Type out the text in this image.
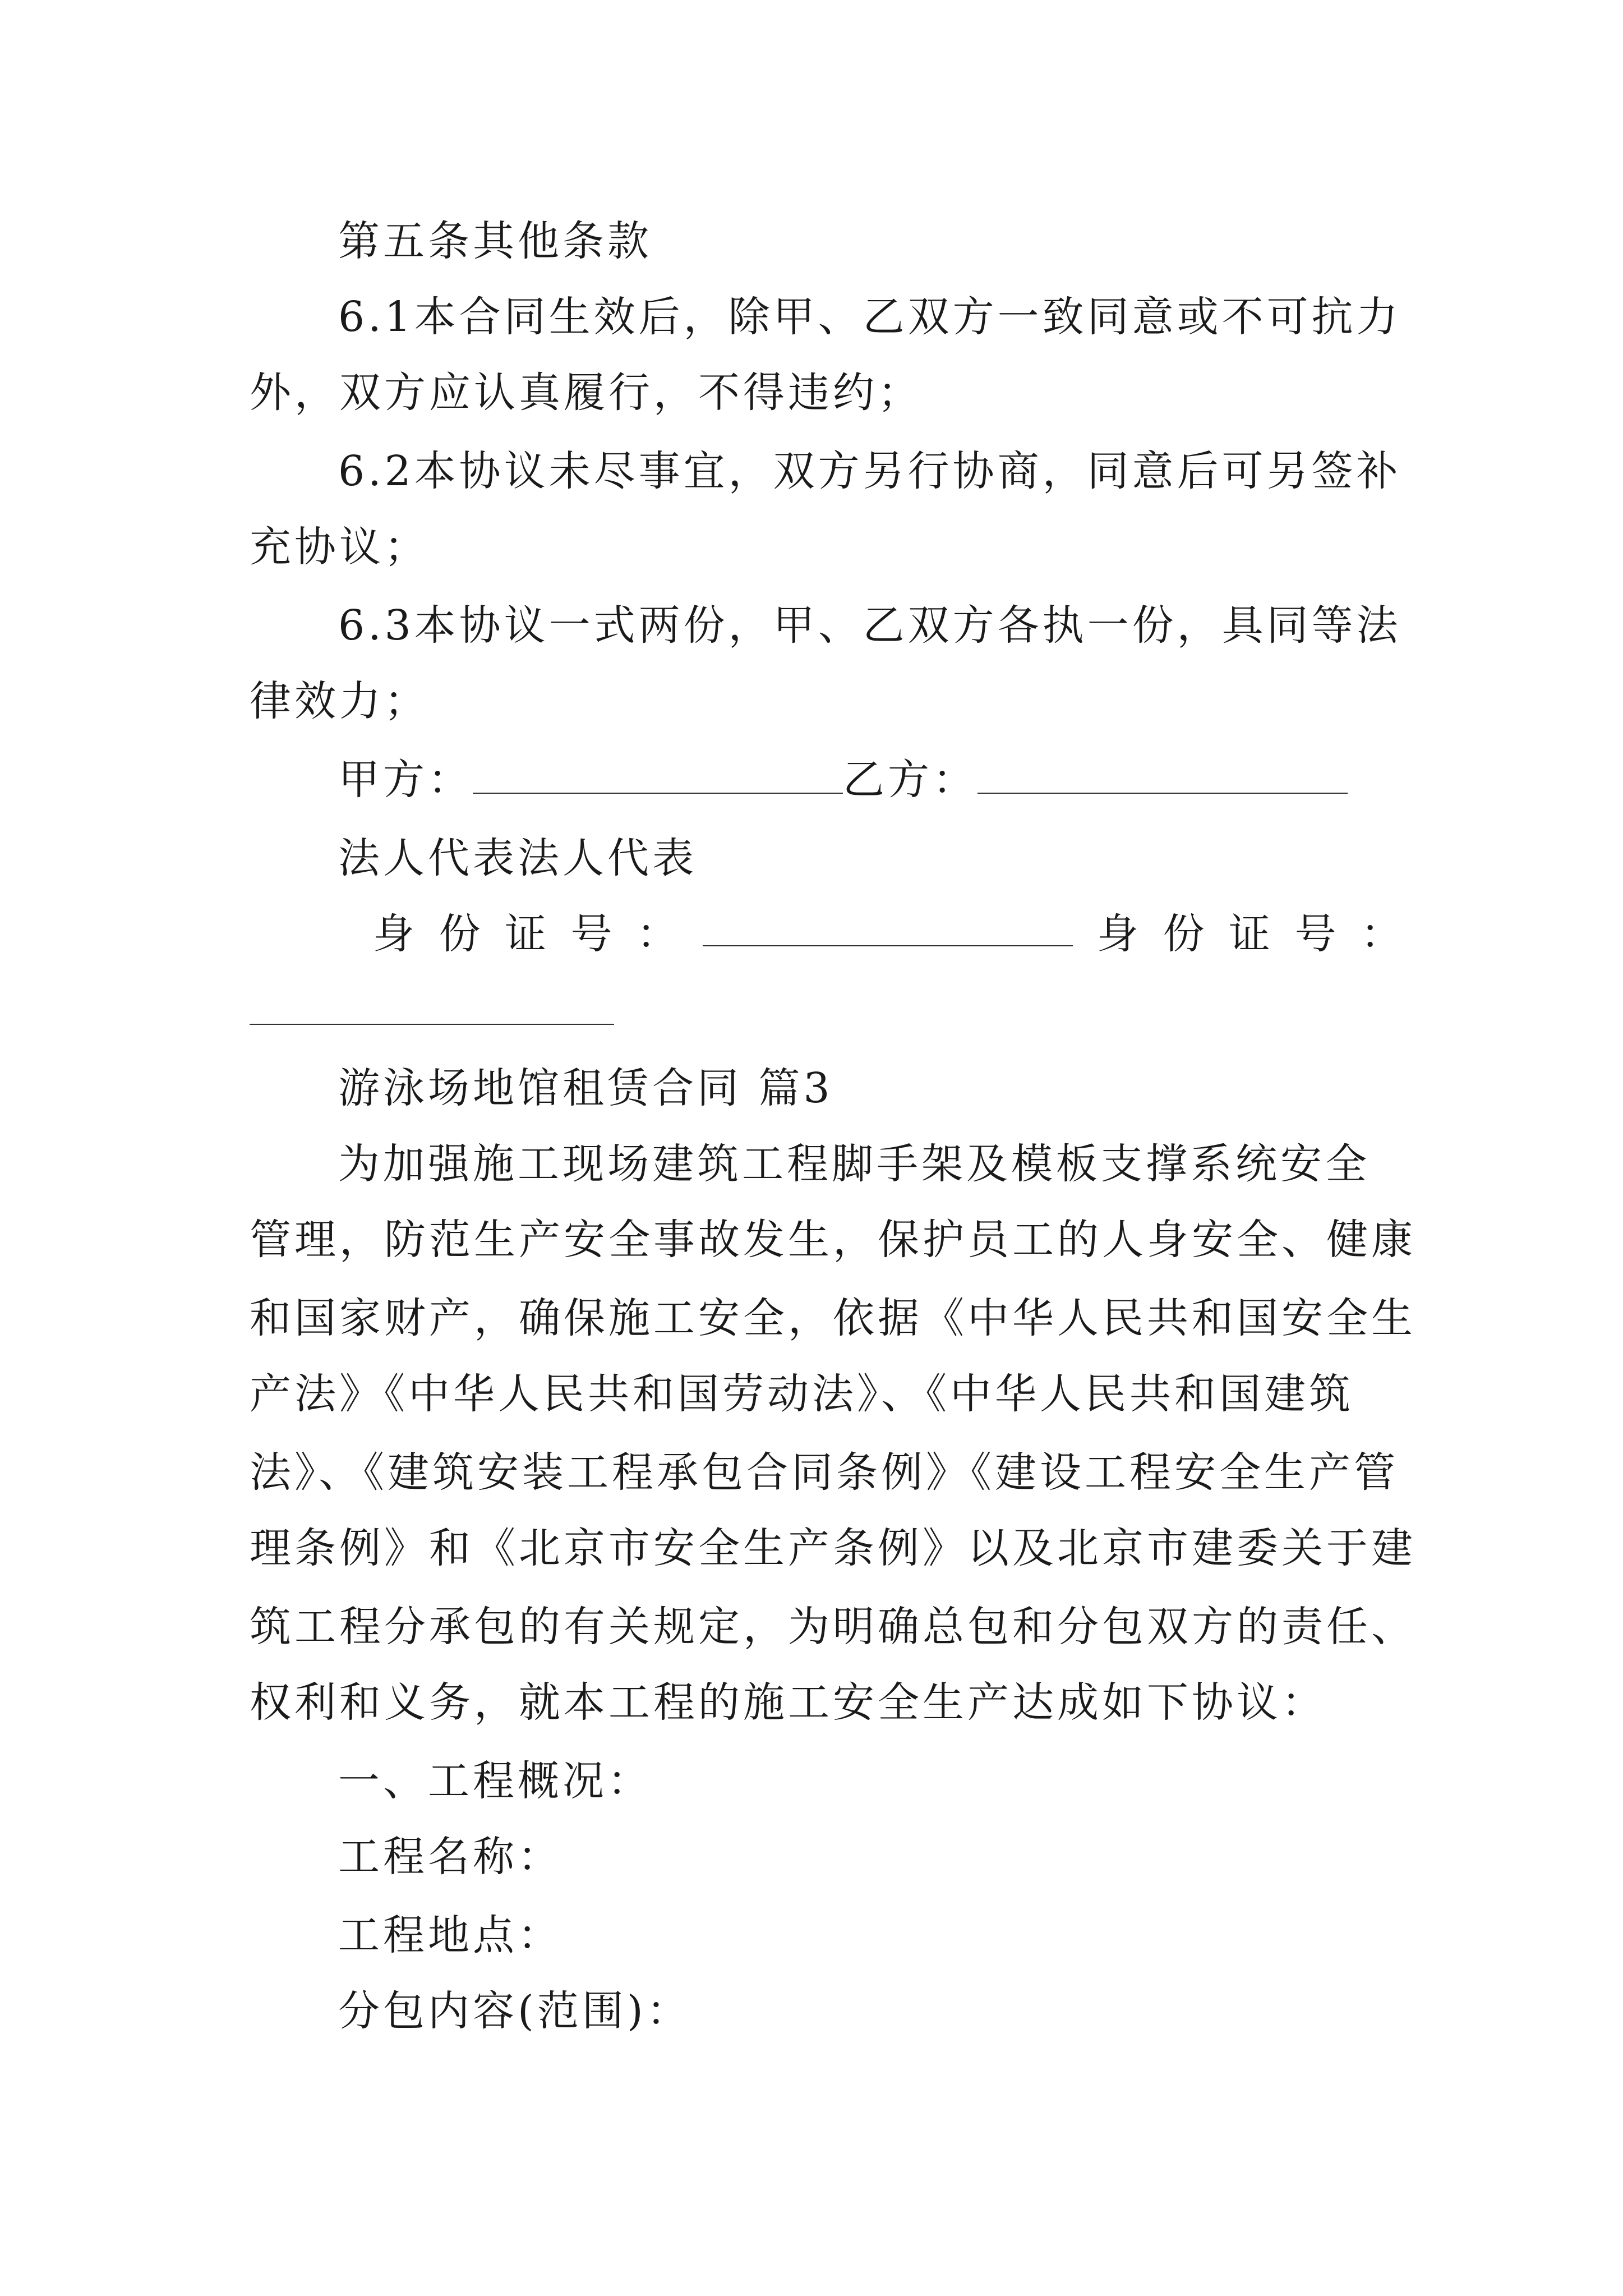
第五条其他条款
6.1本合同生效后，除甲、乙双方一致同意或不可抗力
外，双方应认真履行，不得违约；
6.2本协议未尽事宜，双方另行协商，同意后可另签补
充协议；
6.3本协议一式两份，甲、乙双方各执一份，具同等法
律效力；
甲方：	乙方：
法人代表法人代表
身 份 证 号 ：	身 份 证 号 ：
游泳场地馆租赁合同 篇3
为加强施工现场建筑工程脚手架及模板支撑系统安全
管理，防范生产安全事故发生，保护员工的人身安全、健康
和国家财产，确保施工安全，依据《中华人民共和国安全生
产法》《中华人民共和国劳动法》、《中华人民共和国建筑
法》、《建筑安装工程承包合同条例》《建设工程安全生产管
理条例》和《北京市安全生产条例》以及北京市建委关于建
筑工程分承包的有关规定，为明确总包和分包双方的责任、
权利和义务，就本工程的施工安全生产达成如下协议：
一、工程概况：
工程名称：
工程地点：
分包内容(范围)：
